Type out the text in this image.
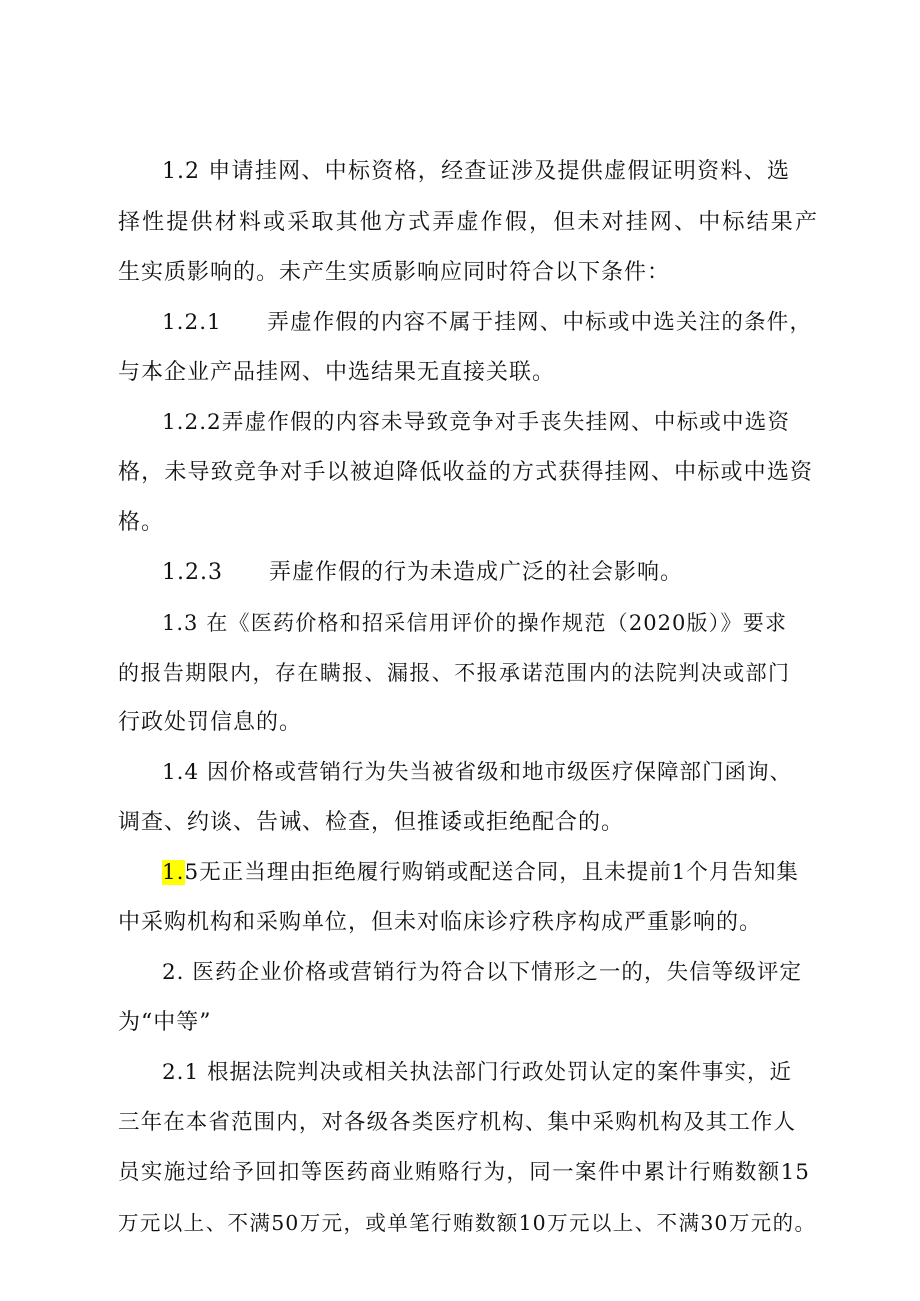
1.2 申请挂网、中标资格，经查证涉及提供虚假证明资料、选
择性提供材料或采取其他方式弄虚作假，但未对挂网、中标结果产
生实质影响的。未产生实质影响应同时符合以下条件：
1.2.1　　弄虚作假的内容不属于挂网、中标或中选关注的条件，
与本企业产品挂网、中选结果无直接关联。
1.2.2弄虚作假的内容未导致竞争对手丧失挂网、中标或中选资
格，未导致竞争对手以被迫降低收益的方式获得挂网、中标或中选资
格。
1.2.3　　弄虚作假的行为未造成广泛的社会影响。
1.3 在《医药价格和招采信用评价的操作规范（2020版）》要求
的报告期限内，存在瞒报、漏报、不报承诺范围内的法院判决或部门
行政处罚信息的。
1.4 因价格或营销行为失当被省级和地市级医疗保障部门函询、
调查、约谈、告诫、检查，但推诿或拒绝配合的。
1.5无正当理由拒绝履行购销或配送合同，且未提前1个月告知集
中采购机构和采购单位，但未对临床诊疗秩序构成严重影响的。
2. 医药企业价格或营销行为符合以下情形之一的，失信等级评定
为“中等”
2.1 根据法院判决或相关执法部门行政处罚认定的案件事实，近
三年在本省范围内，对各级各类医疗机构、集中采购机构及其工作人
员实施过给予回扣等医药商业贿赂行为，同一案件中累计行贿数额15
万元以上、不满50万元，或单笔行贿数额10万元以上、不满30万元的。
